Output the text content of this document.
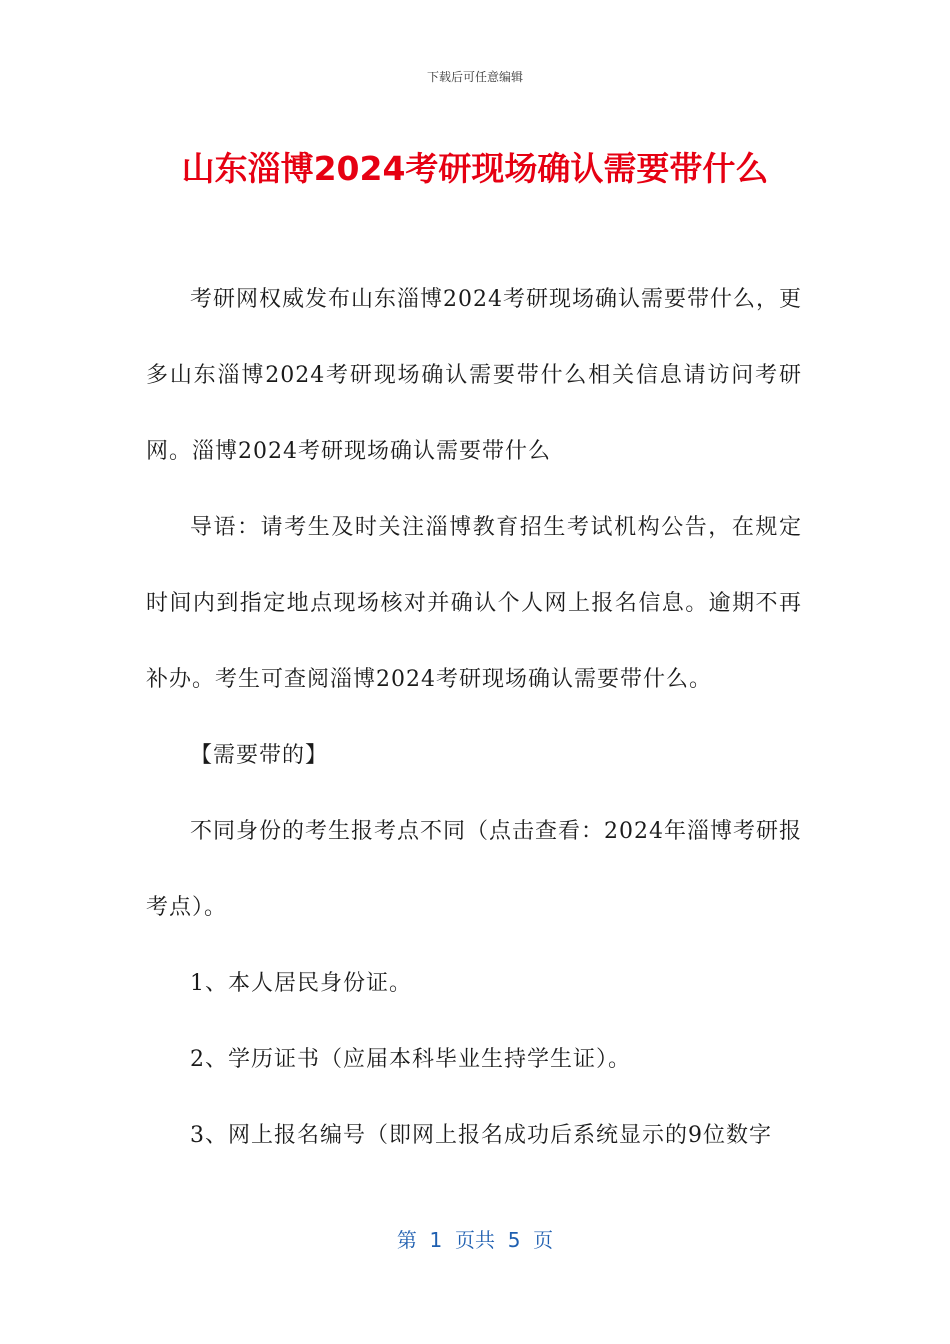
下载后可任意编辑
山东淄博2024考研现场确认需要带什么

考研网权威发布山东淄博2024考研现场确认需要带什么，更多山东淄博2024考研现场确认需要带什么相关信息请访问考研网。淄博2024考研现场确认需要带什么

导语：请考生及时关注淄博教育招生考试机构公告，在规定时间内到指定地点现场核对并确认个人网上报名信息。逾期不再补办。考生可查阅淄博2024考研现场确认需要带什么。

【需要带的】

不同身份的考生报考点不同（点击查看：2024年淄博考研报考点）。

1、本人居民身份证。

2、学历证书（应届本科毕业生持学生证）。

3、网上报名编号（即网上报名成功后系统显示的9位数字

第  1  页共  5  页
